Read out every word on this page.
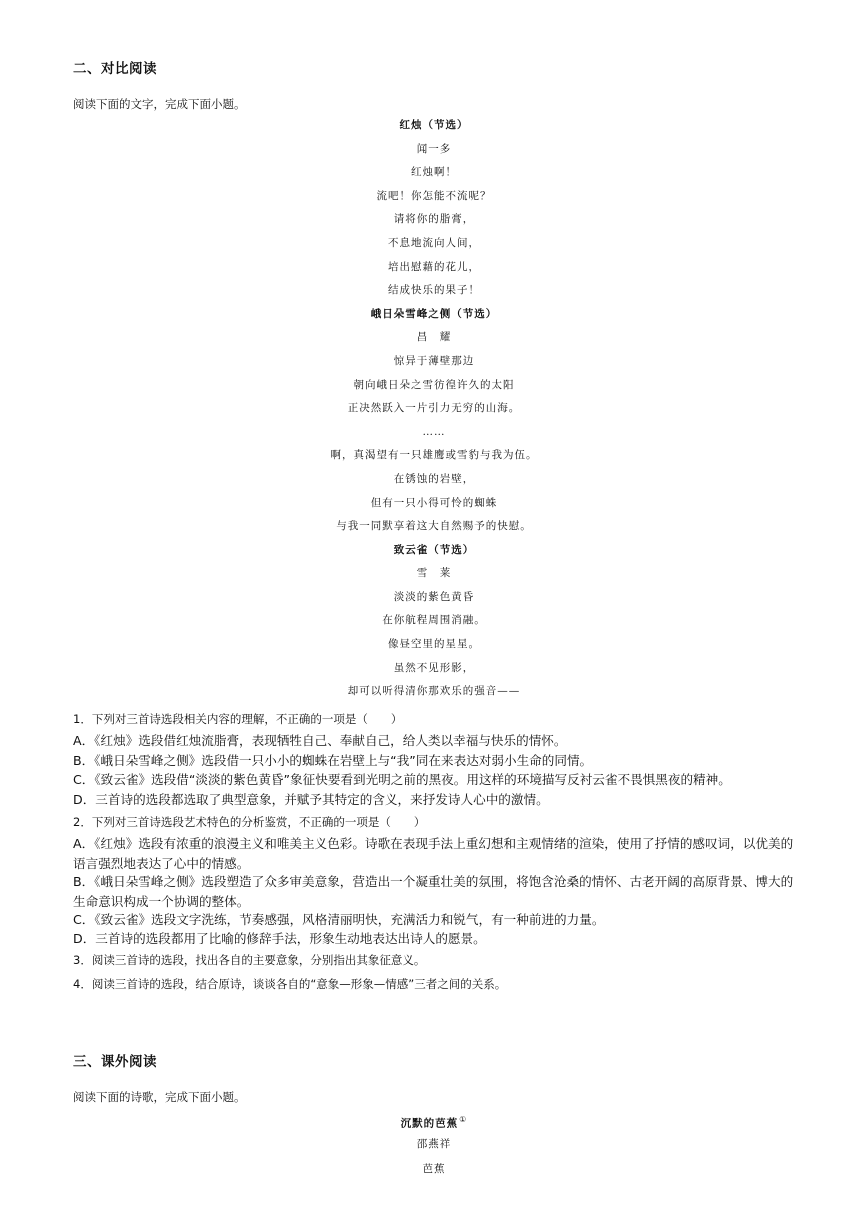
二、对比阅读
阅读下面的文字，完成下面小题。
红烛（节选）
闻一多
红烛啊！
流吧！你怎能不流呢？
请将你的脂膏，
不息地流向人间，
培出慰藉的花儿，
结成快乐的果子！
峨日朵雪峰之侧（节选）
昌　耀
惊异于薄壁那边
朝向峨日朵之雪彷徨许久的太阳
正决然跃入一片引力无穷的山海。
……
啊，真渴望有一只雄鹰或雪豹与我为伍。
在锈蚀的岩壁，
但有一只小得可怜的蜘蛛
与我一同默享着这大自然赐予的快慰。
致云雀（节选）
雪　莱
淡淡的紫色黄昏
在你航程周围消融。
像昼空里的星星。
虽然不见形影，
却可以听得清你那欢乐的强音——
1．下列对三首诗选段相关内容的理解，不正确的一项是（　　）
A．《红烛》选段借红烛流脂膏，表现牺牲自己、奉献自己，给人类以幸福与快乐的情怀。
B．《峨日朵雪峰之侧》选段借一只小小的蜘蛛在岩壁上与“我”同在来表达对弱小生命的同情。
C．《致云雀》选段借“淡淡的紫色黄昏”象征快要看到光明之前的黑夜。用这样的环境描写反衬云雀不畏惧黑夜的精神。
D．三首诗的选段都选取了典型意象，并赋予其特定的含义，来抒发诗人心中的激情。
2．下列对三首诗选段艺术特色的分析鉴赏，不正确的一项是（　　）
A．《红烛》选段有浓重的浪漫主义和唯美主义色彩。诗歌在表现手法上重幻想和主观情绪的渲染，使用了抒情的感叹词，以优美的语言强烈地表达了心中的情感。
B．《峨日朵雪峰之侧》选段塑造了众多审美意象，营造出一个凝重壮美的氛围，将饱含沧桑的情怀、古老开阔的高原背景、博大的生命意识构成一个协调的整体。
C．《致云雀》选段文字洗练，节奏感强，风格清丽明快，充满活力和锐气，有一种前进的力量。
D．三首诗的选段都用了比喻的修辞手法，形象生动地表达出诗人的愿景。
3．阅读三首诗的选段，找出各自的主要意象，分别指出其象征意义。
4．阅读三首诗的选段，结合原诗，谈谈各自的“意象—形象—情感”三者之间的关系。
三、课外阅读
阅读下面的诗歌，完成下面小题。
沉默的芭蕉①
邵燕祥
芭蕉
